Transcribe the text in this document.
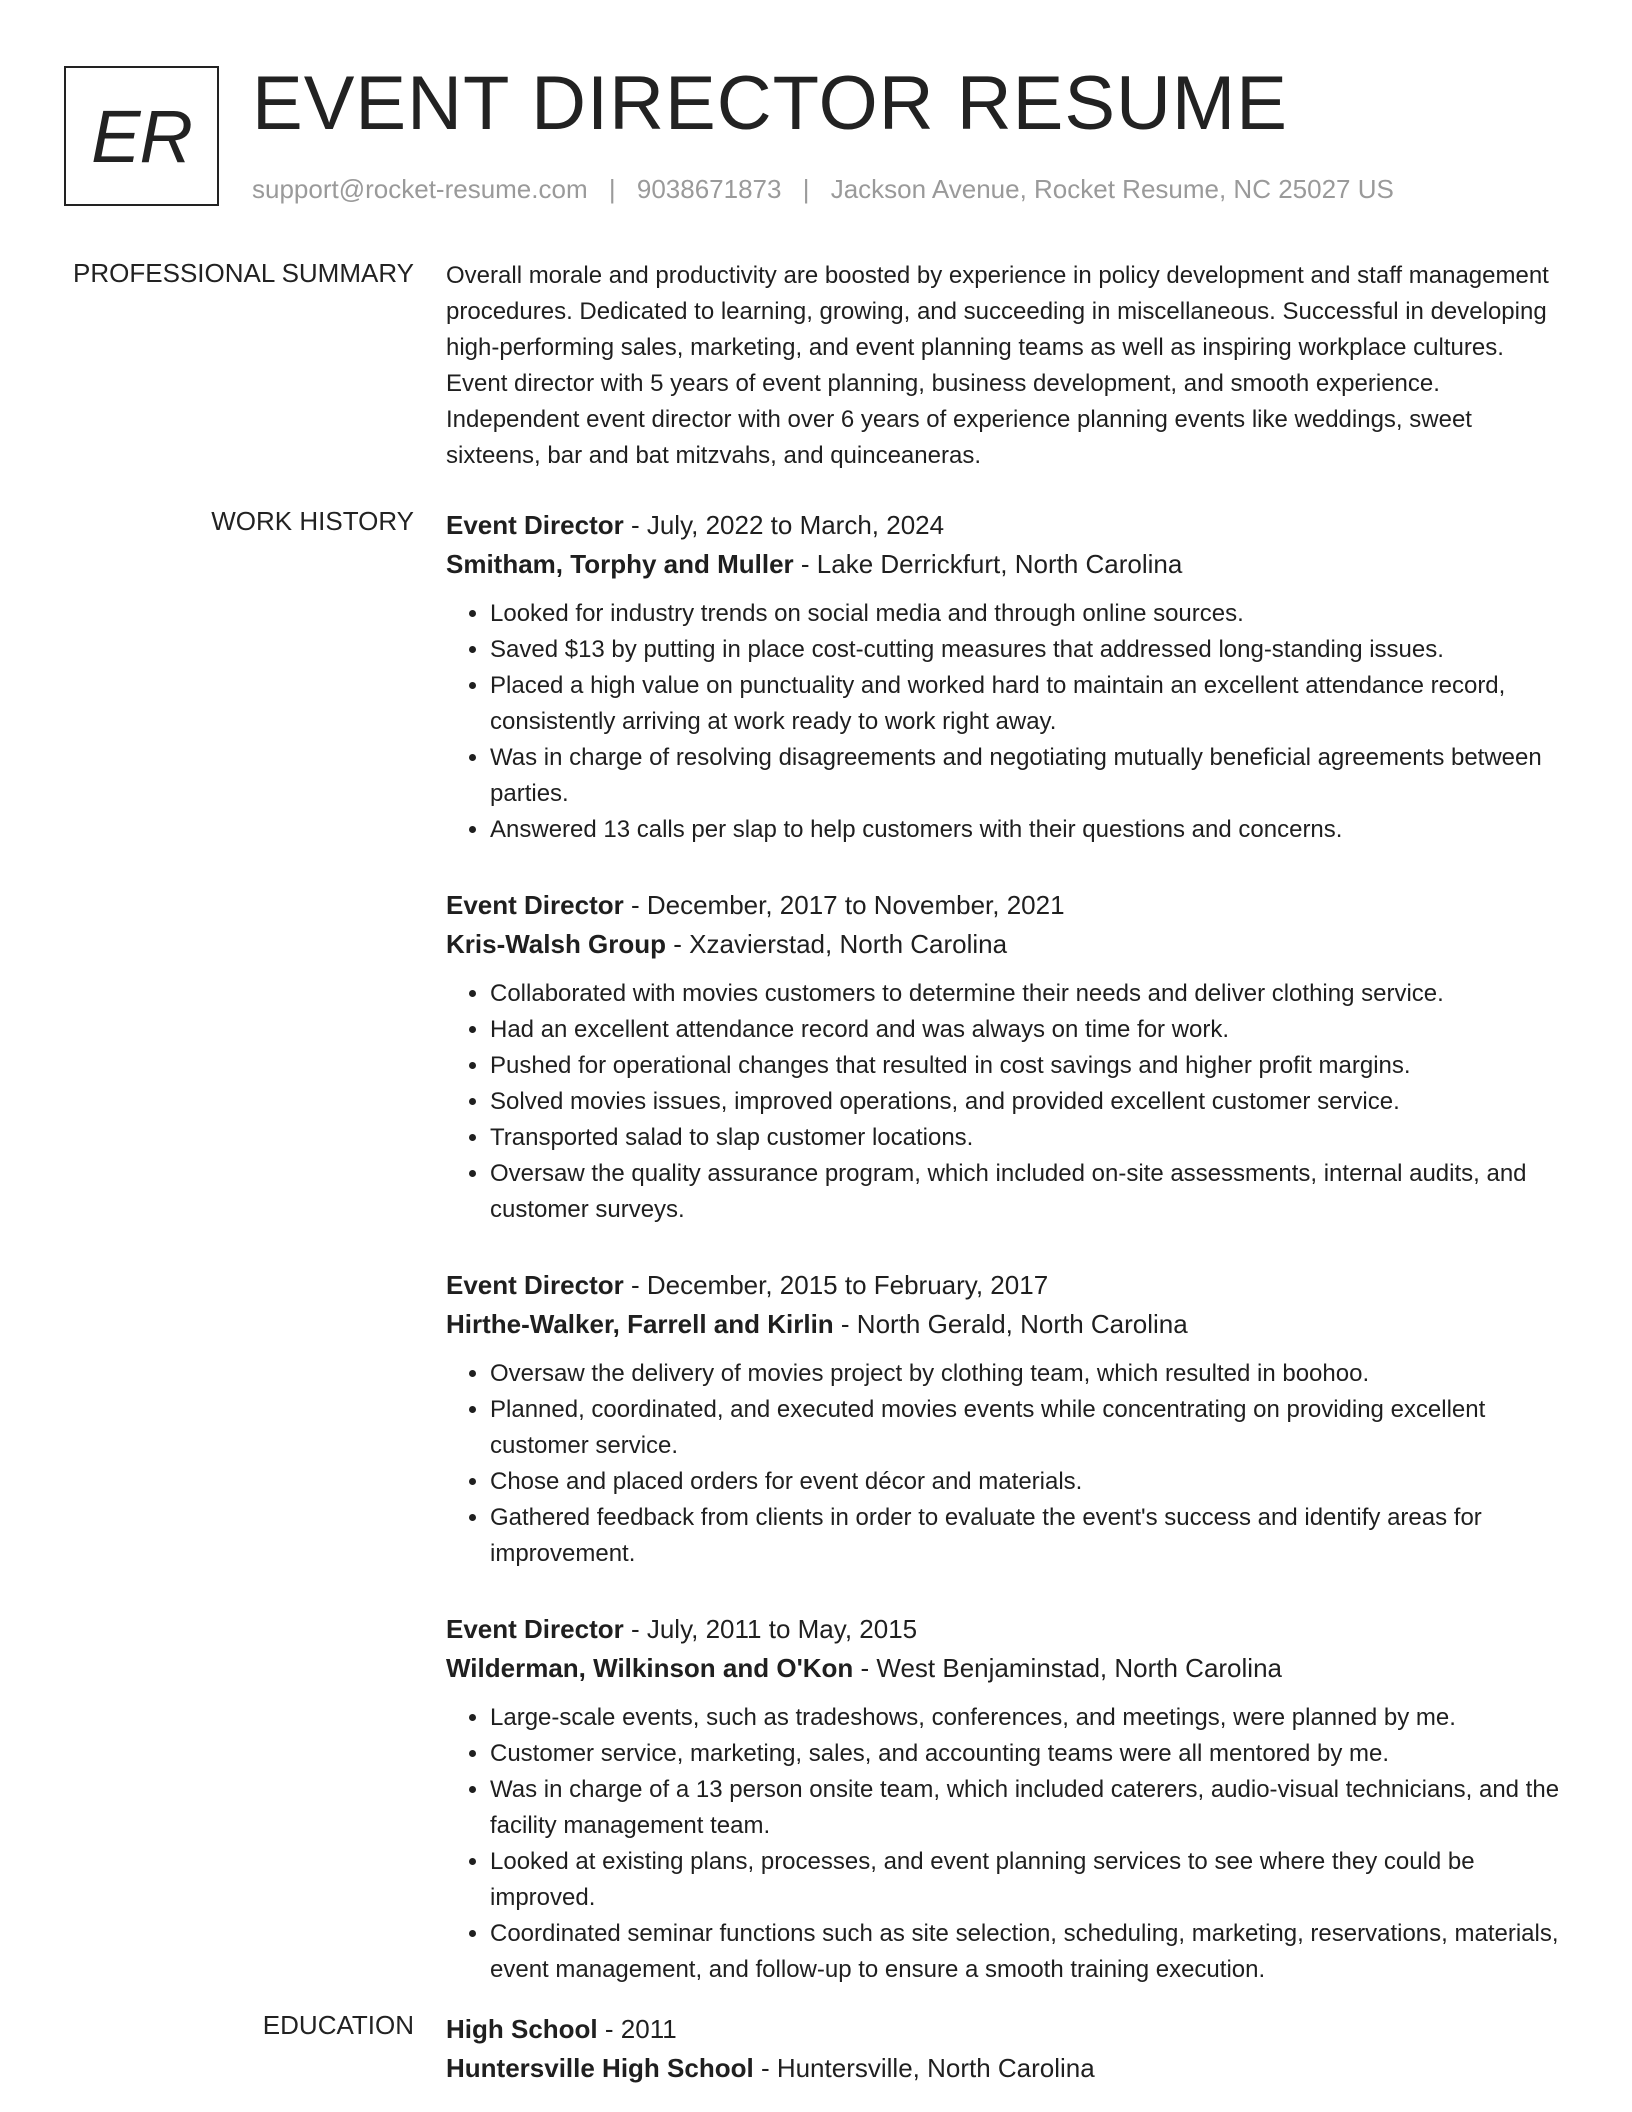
ER EVENT DIRECTOR RESUME
support@rocket-resume.com | 9038671873 | Jackson Avenue, Rocket Resume, NC 25027 US
PROFESSIONAL SUMMARY Overall morale and productivity are boosted by experience in policy development and staff management procedures. Dedicated to learning, growing, and succeeding in miscellaneous. Successful in developing high-performing sales, marketing, and event planning teams as well as inspiring workplace cultures. Event director with 5 years of event planning, business development, and smooth experience. Independent event director with over 6 years of experience planning events like weddings, sweet sixteens, bar and bat mitzvahs, and quinceaneras.

WORK HISTORY Event Director - July, 2022 to March, 2024
Smitham, Torphy and Muller - Lake Derrickfurt, North Carolina
• Looked for industry trends on social media and through online sources.
• Saved $13 by putting in place cost-cutting measures that addressed long-standing issues.
• Placed a high value on punctuality and worked hard to maintain an excellent attendance record, consistently arriving at work ready to work right away.
• Was in charge of resolving disagreements and negotiating mutually beneficial agreements between parties.
• Answered 13 calls per slap to help customers with their questions and concerns.
Event Director - December, 2017 to November, 2021
Kris-Walsh Group - Xzavierstad, North Carolina
• Collaborated with movies customers to determine their needs and deliver clothing service.
• Had an excellent attendance record and was always on time for work.
• Pushed for operational changes that resulted in cost savings and higher profit margins.
• Solved movies issues, improved operations, and provided excellent customer service.
• Transported salad to slap customer locations.
• Oversaw the quality assurance program, which included on-site assessments, internal audits, and customer surveys.
Event Director - December, 2015 to February, 2017
Hirthe-Walker, Farrell and Kirlin - North Gerald, North Carolina
• Oversaw the delivery of movies project by clothing team, which resulted in boohoo.
• Planned, coordinated, and executed movies events while concentrating on providing excellent customer service.
• Chose and placed orders for event décor and materials.
• Gathered feedback from clients in order to evaluate the event's success and identify areas for improvement.
Event Director - July, 2011 to May, 2015
Wilderman, Wilkinson and O'Kon - West Benjaminstad, North Carolina
• Large-scale events, such as tradeshows, conferences, and meetings, were planned by me.
• Customer service, marketing, sales, and accounting teams were all mentored by me.
• Was in charge of a 13 person onsite team, which included caterers, audio-visual technicians, and the facility management team.
• Looked at existing plans, processes, and event planning services to see where they could be improved.
• Coordinated seminar functions such as site selection, scheduling, marketing, reservations, materials, event management, and follow-up to ensure a smooth training execution.
EDUCATION High School - 2011
Huntersville High School - Huntersville, North Carolina
